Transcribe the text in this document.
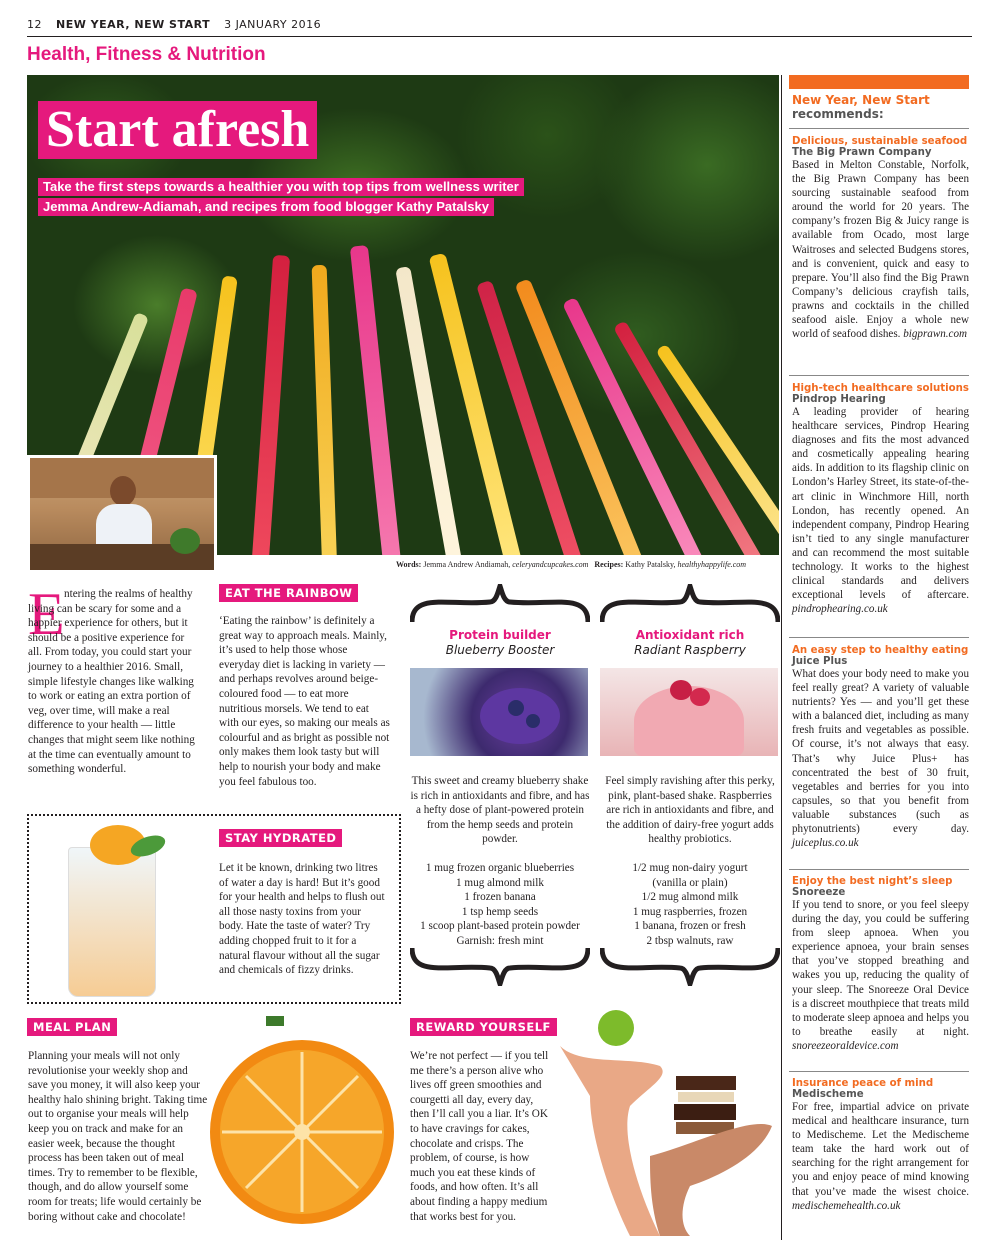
12 NEW YEAR, NEW START 3 JANUARY 2016
Health, Fitness & Nutrition
Start afresh
Take the first steps towards a healthier you with top tips from wellness writer
Jemma Andrew-Adiamah, and recipes from food blogger Kathy Patalsky
Words: Jemma Andrew Andiamah, celeryandcupcakes.com Recipes: Kathy Patalsky, healthyhappylife.com
E ntering the realms of healthy living can be scary for some and a happier experience for others, but it should be a positive experience for all. From today, you could start your journey to a healthier 2016. Small, simple lifestyle changes like walking to work or eating an extra portion of veg, over time, will make a real difference to your health — little changes that might seem like nothing at the time can eventually amount to something wonderful.
EAT THE RAINBOW
‘Eating the rainbow’ is definitely a great way to approach meals. Mainly, it’s used to help those whose everyday diet is lacking in variety — and perhaps revolves around beige-coloured food — to eat more nutritious morsels. We tend to eat with our eyes, so making our meals as colourful and as bright as possible not only makes them look tasty but will help to nourish your body and make you feel fabulous too.
STAY HYDRATED
Let it be known, drinking two litres of water a day is hard! But it’s good for your health and helps to flush out all those nasty toxins from your body. Hate the taste of water? Try adding chopped fruit to it for a natural flavour without all the sugar and chemicals of fizzy drinks.
Protein builder
Blueberry Booster
Antioxidant rich
Radiant Raspberry
This sweet and creamy blueberry shake is rich in antioxidants and fibre, and has a hefty dose of plant-powered protein from the hemp seeds and protein powder.
Feel simply ravishing after this perky, pink, plant-based shake. Raspberries are rich in antioxidants and fibre, and the addition of dairy-free yogurt adds healthy probiotics.
1 mug frozen organic blueberries
1 mug almond milk
1 frozen banana
1 tsp hemp seeds
1 scoop plant-based protein powder
Garnish: fresh mint
1/2 mug non-dairy yogurt
(vanilla or plain)
1/2 mug almond milk
1 mug raspberries, frozen
1 banana, frozen or fresh
2 tbsp walnuts, raw
MEAL PLAN
Planning your meals will not only revolutionise your weekly shop and save you money, it will also keep your healthy halo shining bright. Taking time out to organise your meals will help keep you on track and make for an easier week, because the thought process has been taken out of meal times. Try to remember to be flexible, though, and do allow yourself some room for treats; life would certainly be boring without cake and chocolate!
REWARD YOURSELF
We’re not perfect — if you tell me there’s a person alive who lives off green smoothies and courgetti all day, every day, then I’ll call you a liar. It’s OK to have cravings for cakes, chocolate and crisps. The problem, of course, is how much you eat these kinds of foods, and how often. It’s all about finding a happy medium that works best for you.
New Year, New Start
recommends:
Delicious, sustainable seafood
The Big Prawn Company
Based in Melton Constable, Norfolk, the Big Prawn Company has been sourcing sustainable seafood from around the world for 20 years. The company’s frozen Big & Juicy range is available from Ocado, most large Waitroses and selected Budgens stores, and is convenient, quick and easy to prepare. You’ll also find the Big Prawn Company’s delicious crayfish tails, prawns and cocktails in the chilled seafood aisle. Enjoy a whole new world of seafood dishes. bigprawn.com
High-tech healthcare solutions
Pindrop Hearing
A leading provider of hearing healthcare services, Pindrop Hearing diagnoses and fits the most advanced and cosmetically appealing hearing aids. In addition to its flagship clinic on London’s Harley Street, its state-of-the-art clinic in Winchmore Hill, north London, has recently opened. An independent company, Pindrop Hearing isn’t tied to any single manufacturer and can recommend the most suitable technology. It works to the highest clinical standards and delivers exceptional levels of aftercare. pindrophearing.co.uk
An easy step to healthy eating
Juice Plus
What does your body need to make you feel really great? A variety of valuable nutrients? Yes — and you’ll get these with a balanced diet, including as many fresh fruits and vegetables as possible. Of course, it’s not always that easy. That’s why Juice Plus+ has concentrated the best of 30 fruit, vegetables and berries for you into capsules, so that you benefit from valuable substances (such as phytonutrients) every day. juiceplus.co.uk
Enjoy the best night’s sleep
Snoreeze
If you tend to snore, or you feel sleepy during the day, you could be suffering from sleep apnoea. When you experience apnoea, your brain senses that you’ve stopped breathing and wakes you up, reducing the quality of your sleep. The Snoreeze Oral Device is a discreet mouthpiece that treats mild to moderate sleep apnoea and helps you to breathe easily at night. snoreezeoraldevice.com
Insurance peace of mind
Medischeme
For free, impartial advice on private medical and healthcare insurance, turn to Medischeme. Let the Medischeme team take the hard work out of searching for the right arrangement for you and enjoy peace of mind knowing that you’ve made the wisest choice. medischemehealth.co.uk
